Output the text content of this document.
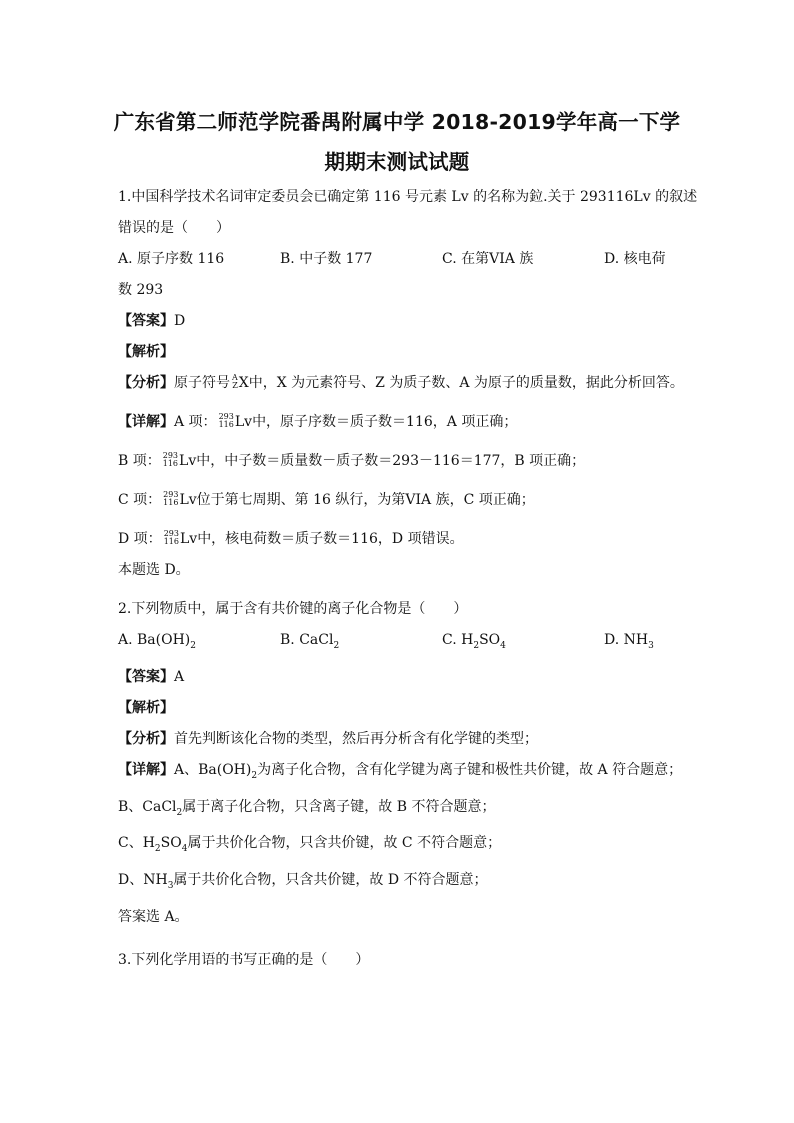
广东省第二师范学院番禺附属中学 2018-2019学年高一下学
期期末测试试题

1.中国科学技术名词审定委员会已确定第 116 号元素 Lv 的名称为鉝.关于 293116Lv 的叙述

错误的是（　　）

A. 原子序数 116	B. 中子数 177	C. 在第VIA 族	D. 核电荷

数 293

【答案】D

【解析】

【分析】原子符号 A
Z X中，X 为元素符号、Z 为质子数、A 为原子的质量数，据此分析回答。

【详解】A 项： 293
116 Lv中，原子序数＝质子数＝116，A 项正确；

B 项： 293
116 Lv中，中子数＝质量数－质子数＝293－116＝177，B 项正确；

C 项： 293
116 Lv位于第七周期、第 16 纵行，为第VIA 族，C 项正确；

D 项： 293
116 Lv中，核电荷数＝质子数＝116，D 项错误。

本题选 D。

2.下列物质中，属于含有共价键的离子化合物是（　　）

A. $Ba(OH)_2$	B. CaCl$_2$	C. $H_2SO_4$	D. $NH_3$

【答案】A

【解析】

【分析】首先判断该化合物的类型，然后再分析含有化学键的类型；

【详解】A、$Ba(OH)_2$为离子化合物，含有化学键为离子键和极性共价键，故 A 符合题意；

B、CaCl$_2$属于离子化合物，只含离子键，故 B 不符合题意；

C、$H_2SO_4$属于共价化合物，只含共价键，故 C 不符合题意；

D、$NH_3$属于共价化合物，只含共价键，故 D 不符合题意；

答案选 A。

3.下列化学用语的书写正确的是（　　）
